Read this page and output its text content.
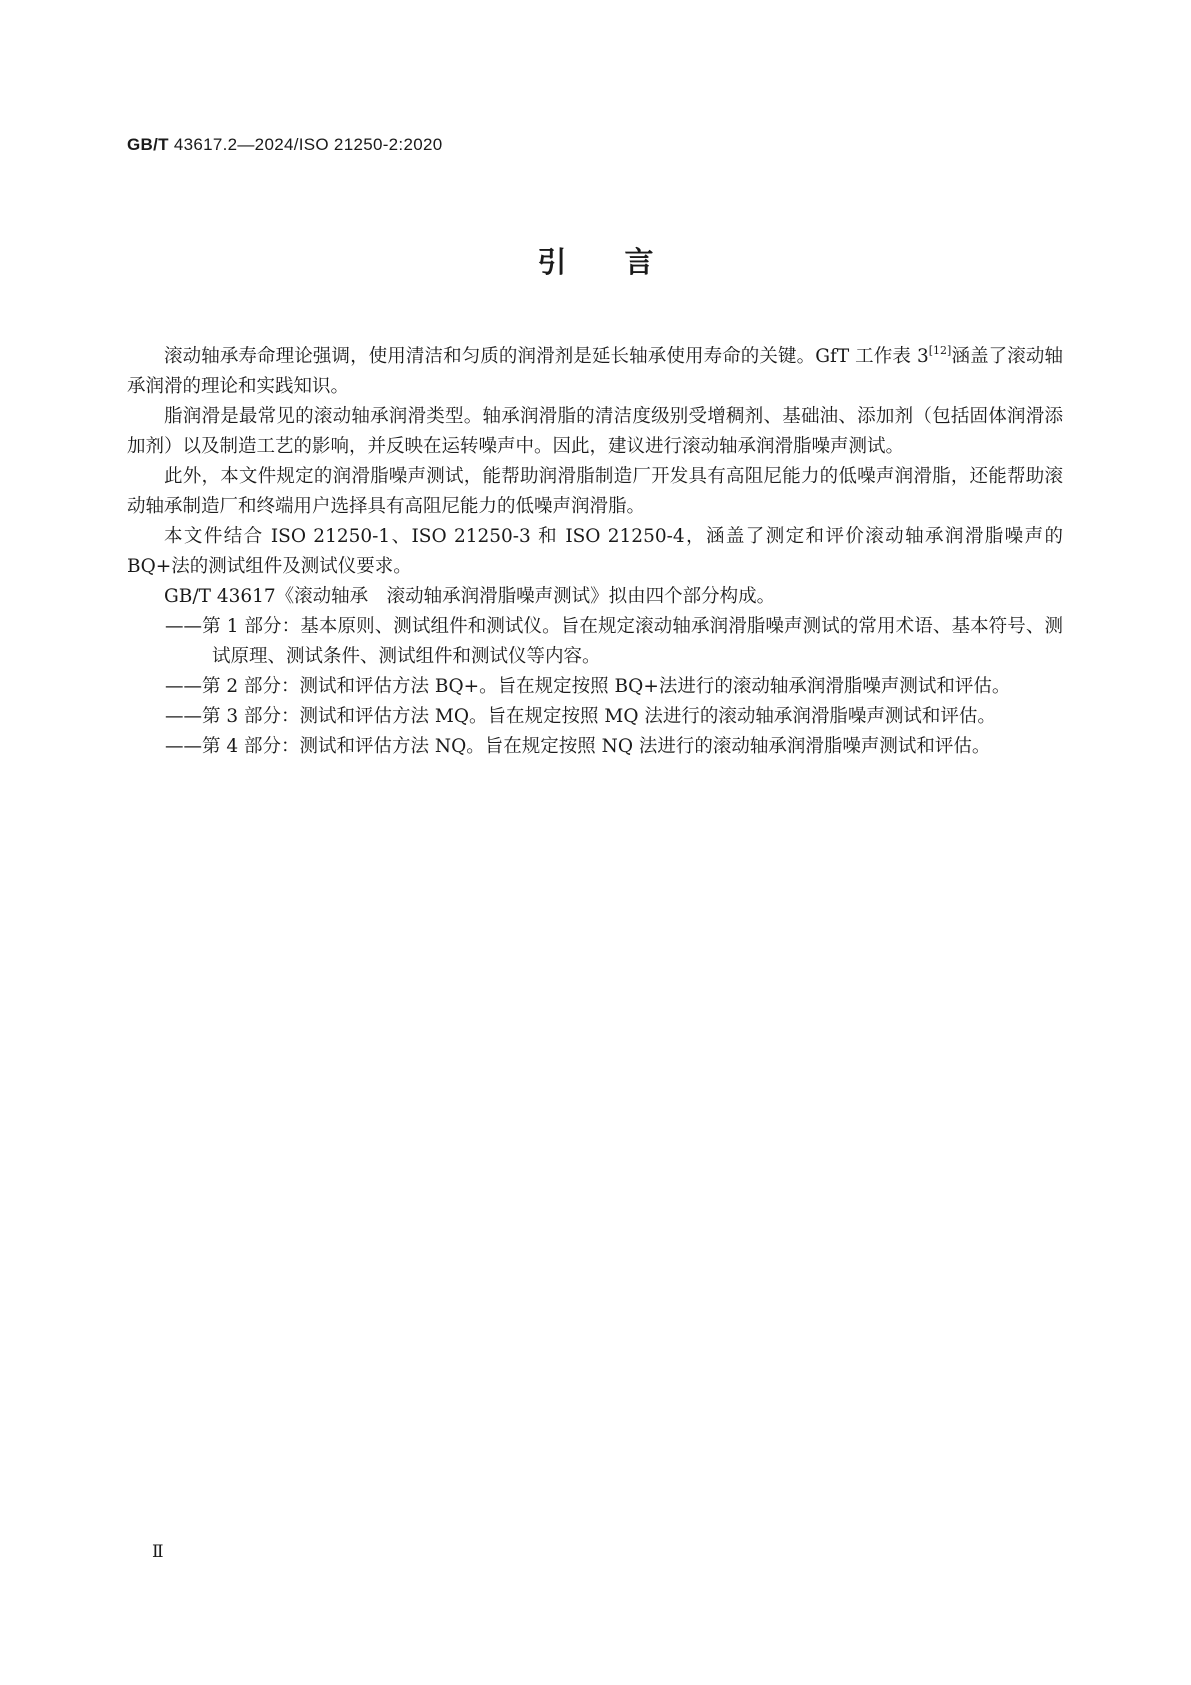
GB/T 43617.2—2024/ISO 21250-2:2020
引言

滚动轴承寿命理论强调，使用清洁和匀质的润滑剂是延长轴承使用寿命的关键。GfT 工作表 3[12]涵盖了滚动轴承润滑的理论和实践知识。

脂润滑是最常见的滚动轴承润滑类型。轴承润滑脂的清洁度级别受增稠剂、基础油、添加剂（包括固体润滑添加剂）以及制造工艺的影响，并反映在运转噪声中。因此，建议进行滚动轴承润滑脂噪声测试。

此外，本文件规定的润滑脂噪声测试，能帮助润滑脂制造厂开发具有高阻尼能力的低噪声润滑脂，还能帮助滚动轴承制造厂和终端用户选择具有高阻尼能力的低噪声润滑脂。

本文件结合 ISO 21250-1、ISO 21250-3 和 ISO 21250-4，涵盖了测定和评价滚动轴承润滑脂噪声的 BQ+法的测试组件及测试仪要求。

GB/T 43617《滚动轴承　滚动轴承润滑脂噪声测试》拟由四个部分构成。

——第 1 部分：基本原则、测试组件和测试仪。旨在规定滚动轴承润滑脂噪声测试的常用术语、基本符号、测试原理、测试条件、测试组件和测试仪等内容。

——第 2 部分：测试和评估方法 BQ+。旨在规定按照 BQ+法进行的滚动轴承润滑脂噪声测试和评估。

——第 3 部分：测试和评估方法 MQ。旨在规定按照 MQ 法进行的滚动轴承润滑脂噪声测试和评估。

——第 4 部分：测试和评估方法 NQ。旨在规定按照 NQ 法进行的滚动轴承润滑脂噪声测试和评估。

Ⅱ
